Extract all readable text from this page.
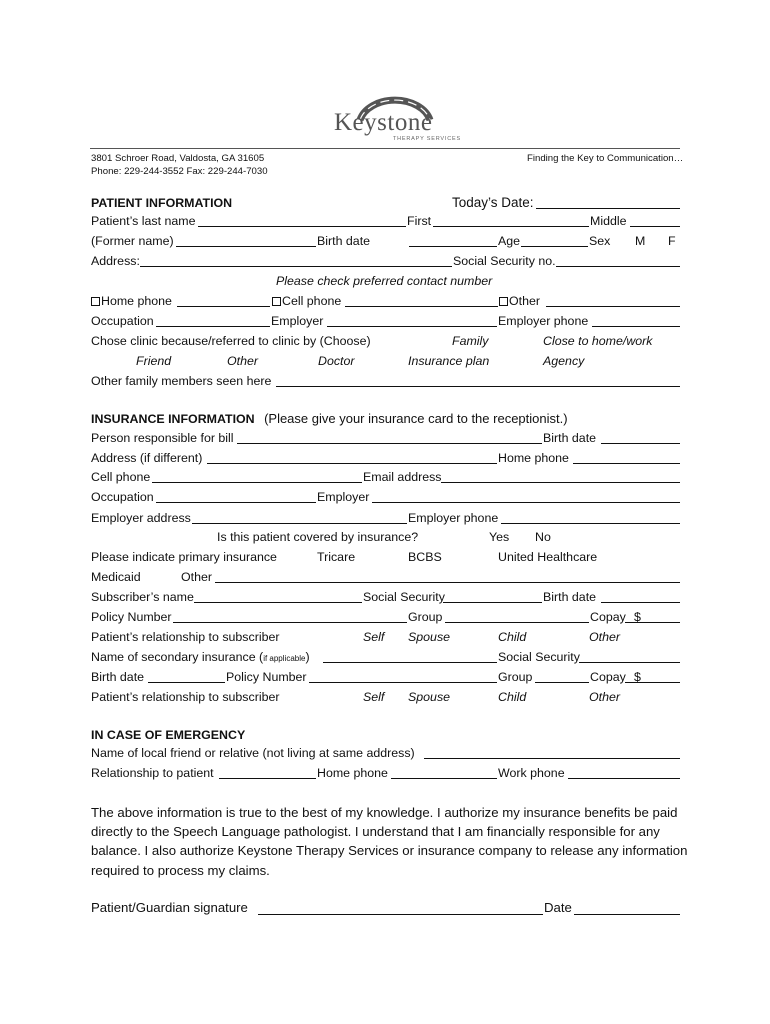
Keystone
THERAPY SERVICES
3801 Schroer Road, Valdosta, GA 31605
Phone: 229-244-3552 Fax: 229-244-7030
Finding the Key to Communication…
PATIENT INFORMATION	Today’s Date:
Patient’s last name	First	Middle
(Former name)	Birth date	Age	Sex M F
Address:	Social Security no.
Please check preferred contact number
Home phone	Cell phone	Other
Occupation	Employer	Employer phone
Chose clinic because/referred to clinic by (Choose)	Family	Close to home/work
Friend	Other	Doctor	Insurance plan	Agency
Other family members seen here
INSURANCE INFORMATION (Please give your insurance card to the receptionist.)
Person responsible for bill	Birth date
Address (if different)	Home phone
Cell phone	Email address
Occupation	Employer
Employer address	Employer phone
Is this patient covered by insurance?	Yes No
Please indicate primary insurance	Tricare	BCBS	United Healthcare
Medicaid	Other
Subscriber’s name	Social Security	Birth date
Policy Number	Group	Copay $
Patient’s relationship to subscriber	Self Spouse	Child	Other
Name of secondary insurance (if applicable)	Social Security
Birth date	Policy Number	Group	Copay $
Patient’s relationship to subscriber	Self Spouse	Child	Other
IN CASE OF EMERGENCY
Name of local friend or relative (not living at same address)
Relationship to patient	Home phone	Work phone
The above information is true to the best of my knowledge. I authorize my insurance benefits be paid directly to the Speech Language pathologist. I understand that I am financially responsible for any balance. I also authorize Keystone Therapy Services or insurance company to release any information required to process my claims.
Patient/Guardian signature	Date
